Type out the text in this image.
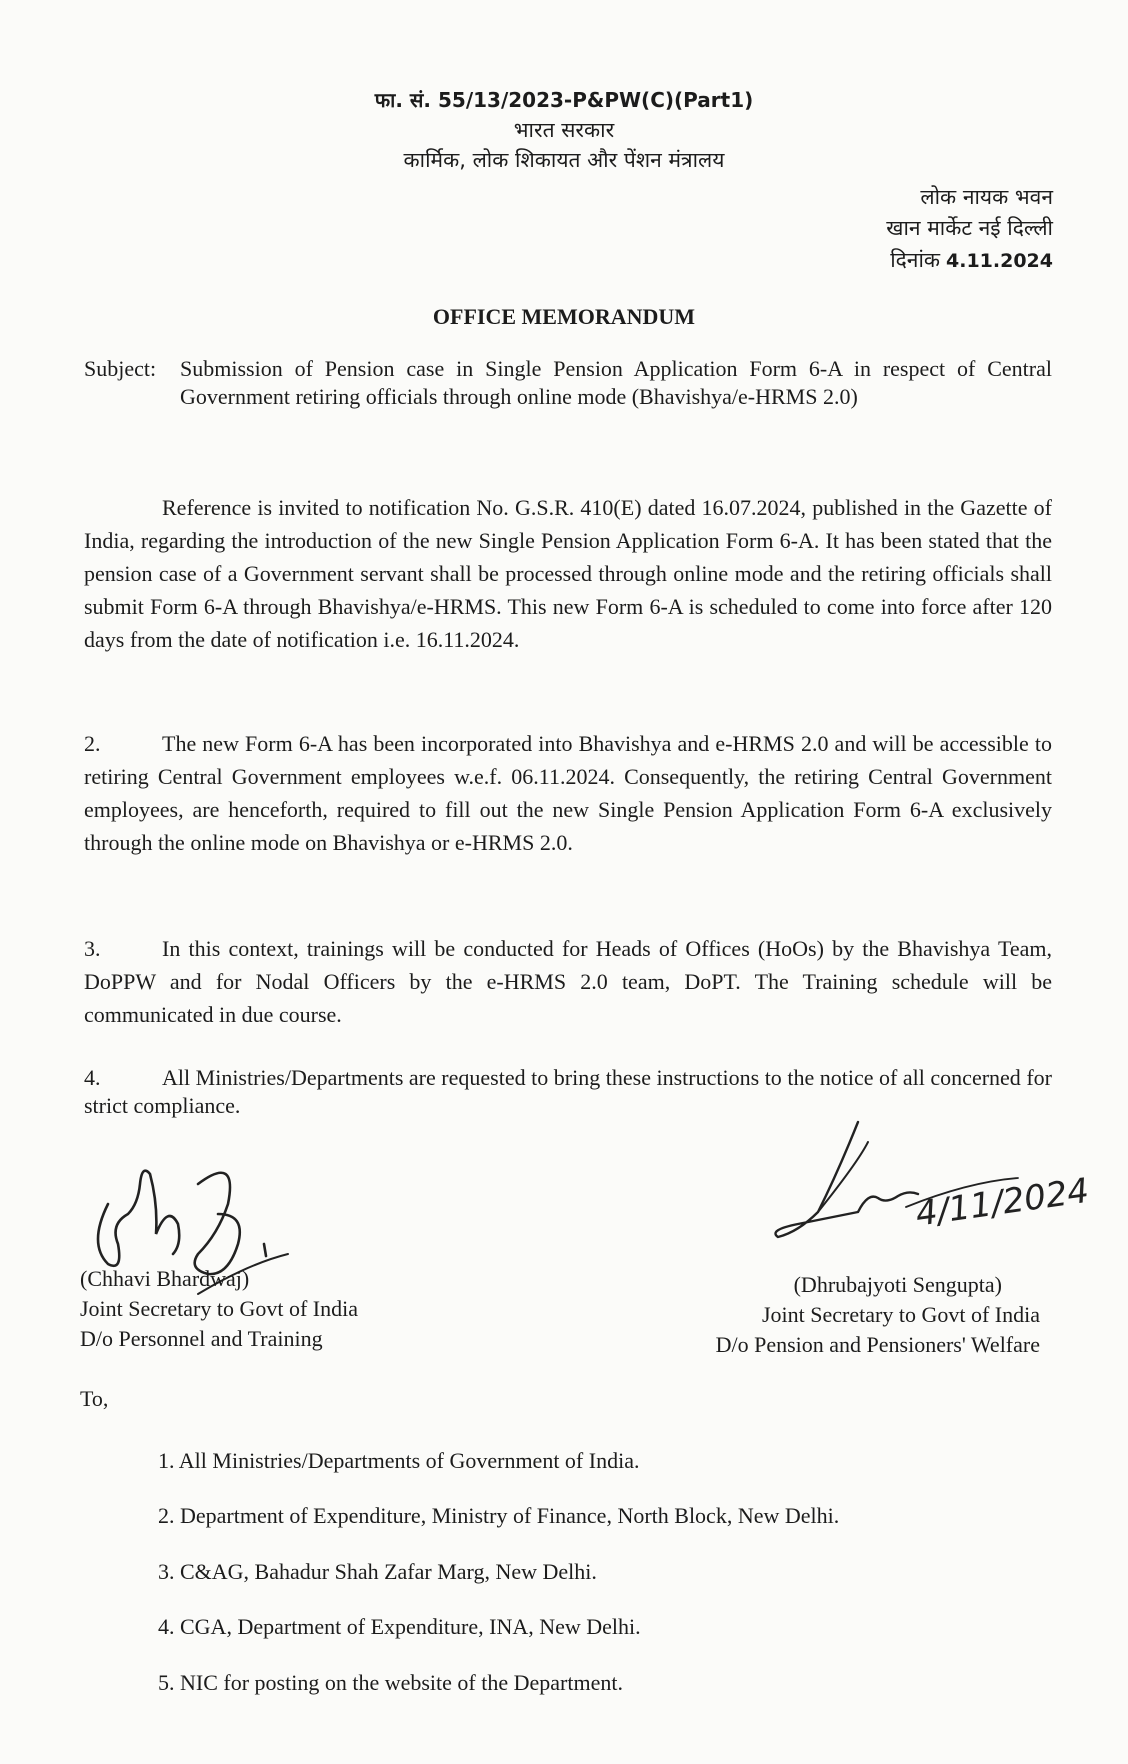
फा. सं. 55/13/2023-P&PW(C)(Part1)
भारत सरकार
कार्मिक, लोक शिकायत और पेंशन मंत्रालय
लोक नायक भवन
खान मार्केट नई दिल्ली
दिनांक 4.11.2024
OFFICE MEMORANDUM
Subject: Submission of Pension case in Single Pension Application Form 6-A in respect of Central Government retiring officials through online mode (Bhavishya/e-HRMS 2.0)
Reference is invited to notification No. G.S.R. 410(E) dated 16.07.2024, published in the Gazette of India, regarding the introduction of the new Single Pension Application Form 6-A. It has been stated that the pension case of a Government servant shall be processed through online mode and the retiring officials shall submit Form 6-A through Bhavishya/e-HRMS. This new Form 6-A is scheduled to come into force after 120 days from the date of notification i.e. 16.11.2024.
2.	The new Form 6-A has been incorporated into Bhavishya and e-HRMS 2.0 and will be accessible to retiring Central Government employees w.e.f. 06.11.2024. Consequently, the retiring Central Government employees, are henceforth, required to fill out the new Single Pension Application Form 6-A exclusively through the online mode on Bhavishya or e-HRMS 2.0.
3.	In this context, trainings will be conducted for Heads of Offices (HoOs) by the Bhavishya Team, DoPPW and for Nodal Officers by the e-HRMS 2.0 team, DoPT. The Training schedule will be communicated in due course.
4.	All Ministries/Departments are requested to bring these instructions to the notice of all concerned for strict compliance.
4/11/2024
(Chhavi Bhardwaj)
Joint Secretary to Govt of India
D/o Personnel and Training
(Dhrubajyoti Sengupta)
Joint Secretary to Govt of India
D/o Pension and Pensioners' Welfare
To,
1. All Ministries/Departments of Government of India.
2. Department of Expenditure, Ministry of Finance, North Block, New Delhi.
3. C&AG, Bahadur Shah Zafar Marg, New Delhi.
4. CGA, Department of Expenditure, INA, New Delhi.
5. NIC for posting on the website of the Department.
